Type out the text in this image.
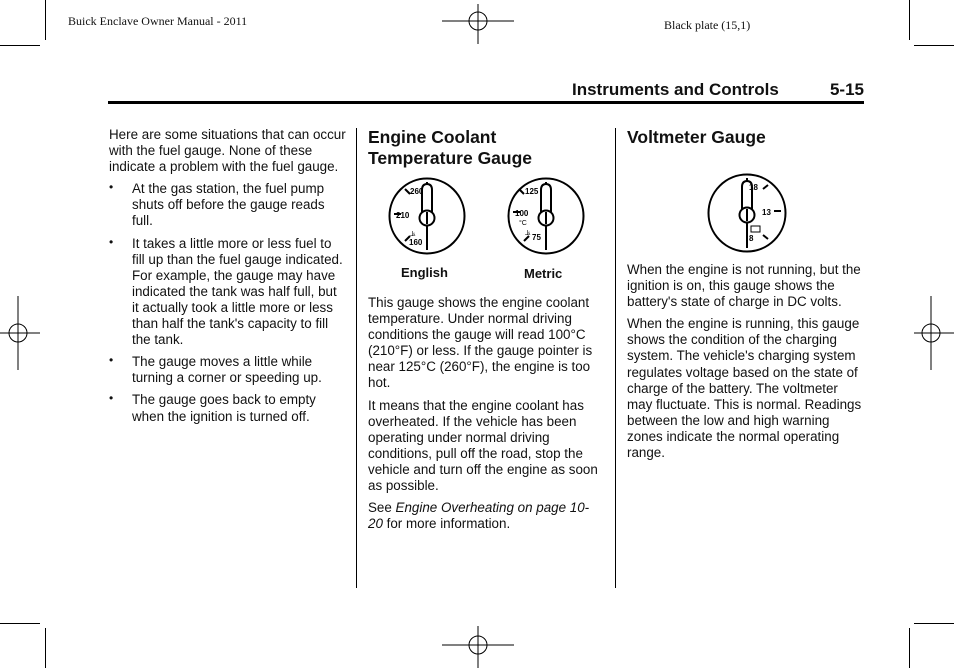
Buick Enclave Owner Manual - 2011	Black plate (15,1)
Instruments and Controls	5-15

Here are some situations that can occur with the fuel gauge. None of these indicate a problem with the fuel gauge.

• At the gas station, the fuel pump shuts off before the gauge reads full.
• It takes a little more or less fuel to fill up than the fuel gauge indicated. For example, the gauge may have indicated the tank was half full, but it actually took a little more or less than half the tank's capacity to fill the tank.
• The gauge moves a little while turning a corner or speeding up.
• The gauge goes back to empty when the ignition is turned off.
Engine Coolant Temperature Gauge
260
210
⫡
160
English
125
100
°C
⫡
75
Metric

This gauge shows the engine coolant temperature. Under normal driving conditions the gauge will read 100°C (210°F) or less. If the gauge pointer is near 125°C (260°F), the engine is too hot.

It means that the engine coolant has overheated. If the vehicle has been operating under normal driving conditions, pull off the road, stop the vehicle and turn off the engine as soon as possible.

See Engine Overheating on page 10-20 for more information.

Voltmeter Gauge
18
13
8

When the engine is not running, but the ignition is on, this gauge shows the battery's state of charge in DC volts.

When the engine is running, this gauge shows the condition of the charging system. The vehicle's charging system regulates voltage based on the state of charge of the battery. The voltmeter may fluctuate. This is normal. Readings between the low and high warning zones indicate the normal operating range.
